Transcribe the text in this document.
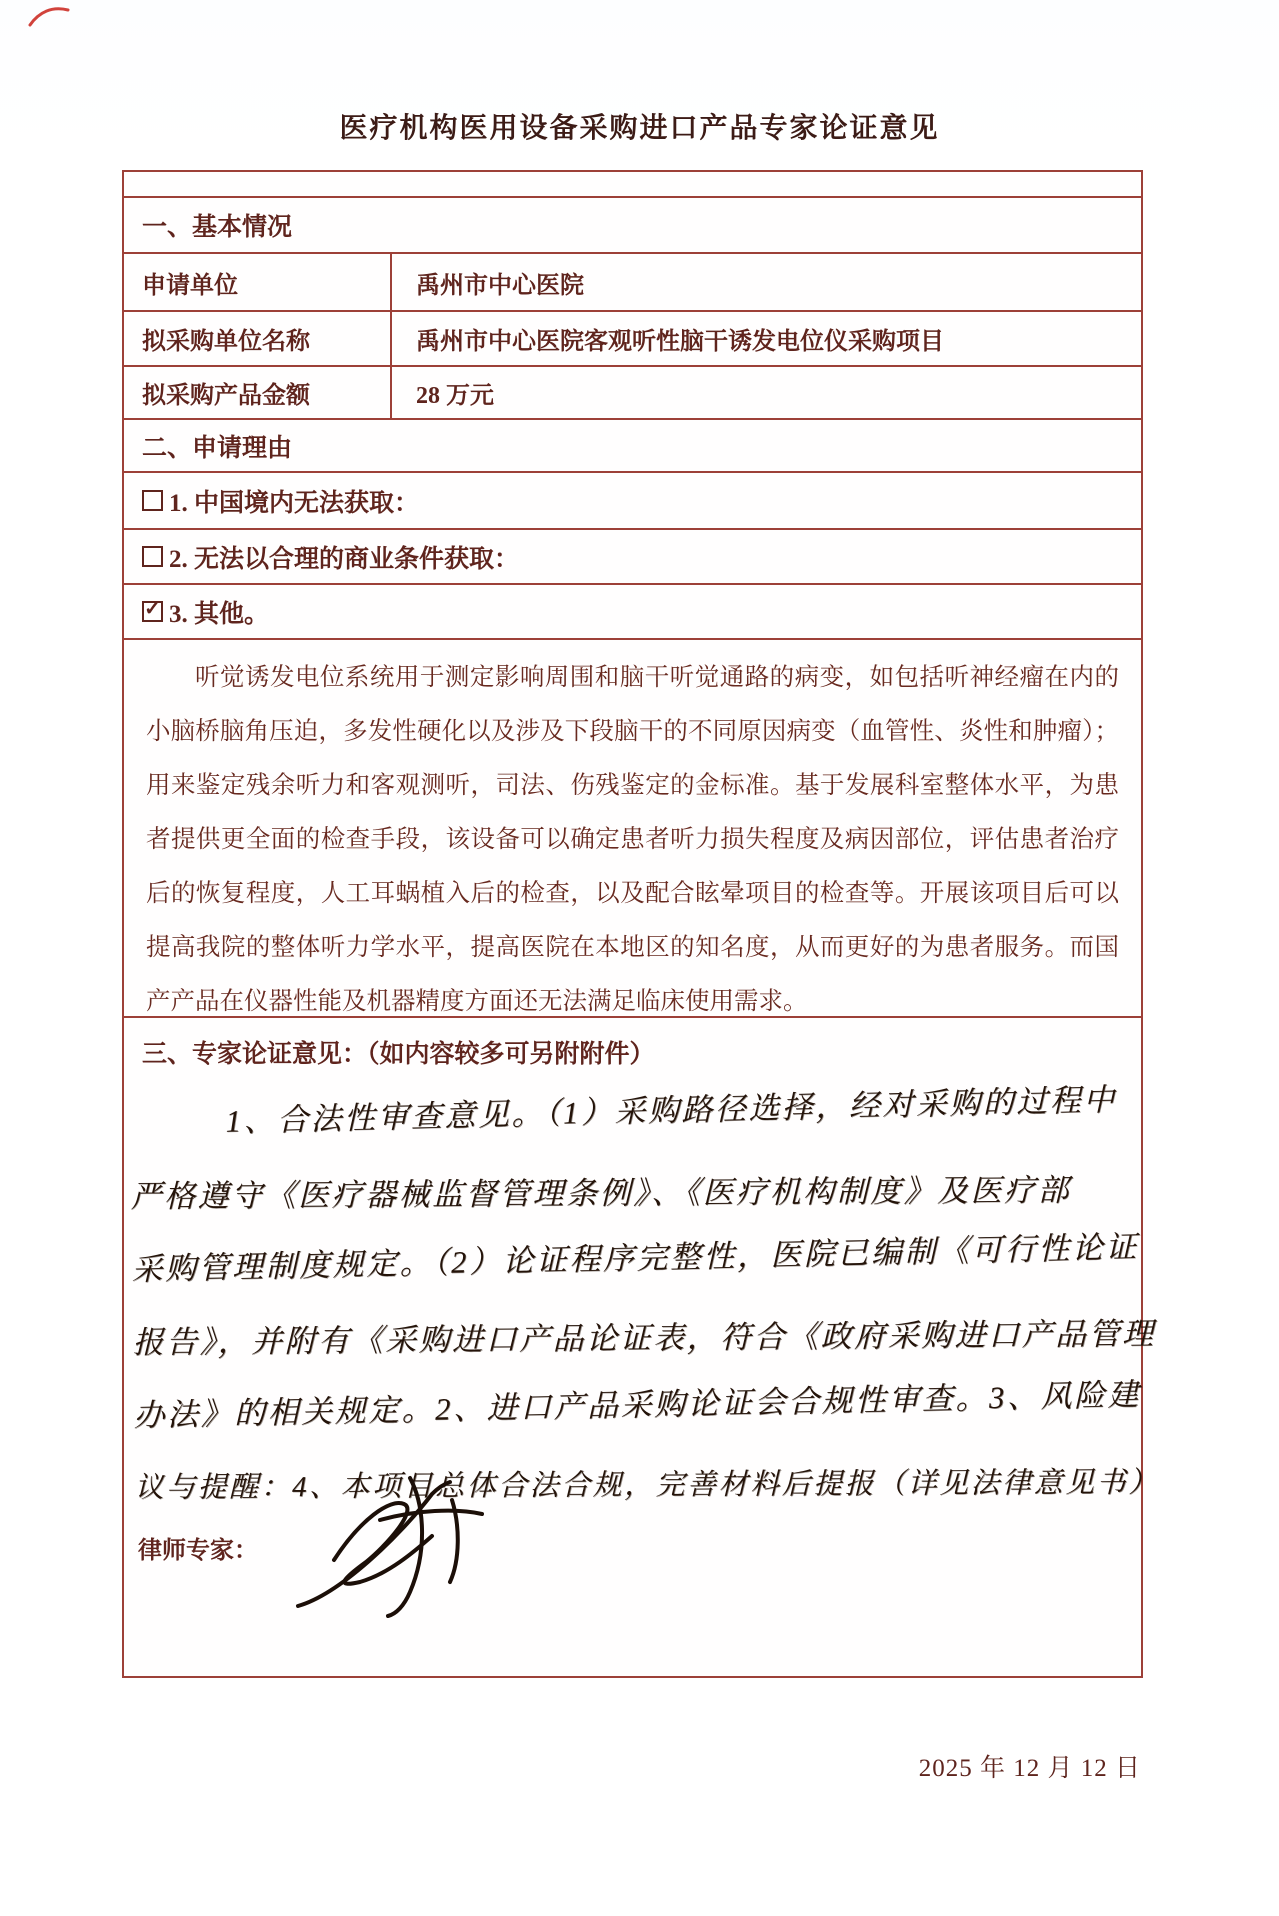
医疗机构医用设备采购进口产品专家论证意见
一、基本情况
申请单位	禹州市中心医院
拟采购单位名称	禹州市中心医院客观听性脑干诱发电位仪采购项目
拟采购产品金额	28 万元
二、申请理由
1. 中国境内无法获取：
2. 无法以合理的商业条件获取：
✓ 3. 其他。
听觉诱发电位系统用于测定影响周围和脑干听觉通路的病变，如包括听神经瘤在内的小脑桥脑角压迫，多发性硬化以及涉及下段脑干的不同原因病变（血管性、炎性和肿瘤）；用来鉴定残余听力和客观测听，司法、伤残鉴定的金标准。基于发展科室整体水平，为患者提供更全面的检查手段，该设备可以确定患者听力损失程度及病因部位，评估患者治疗后的恢复程度，人工耳蜗植入后的检查，以及配合眩晕项目的检查等。开展该项目后可以提高我院的整体听力学水平，提高医院在本地区的知名度，从而更好的为患者服务。而国产产品在仪器性能及机器精度方面还无法满足临床使用需求。
三、专家论证意见：（如内容较多可另附附件）
1、合法性审查意见。（1）采购路径选择，经对采购的过程中
严格遵守《医疗器械监督管理条例》、《医疗机构制度》及医疗部
采购管理制度规定。（2）论证程序完整性，医院已编制《可行性论证
报告》，并附有《采购进口产品论证表，符合《政府采购进口产品管理
办法》的相关规定。2、进口产品采购论证会合规性审查。3、风险建
议与提醒：4、本项目总体合法合规，完善材料后提报（详见法律意见书）
律师专家：
2025 年 12 月 12 日
